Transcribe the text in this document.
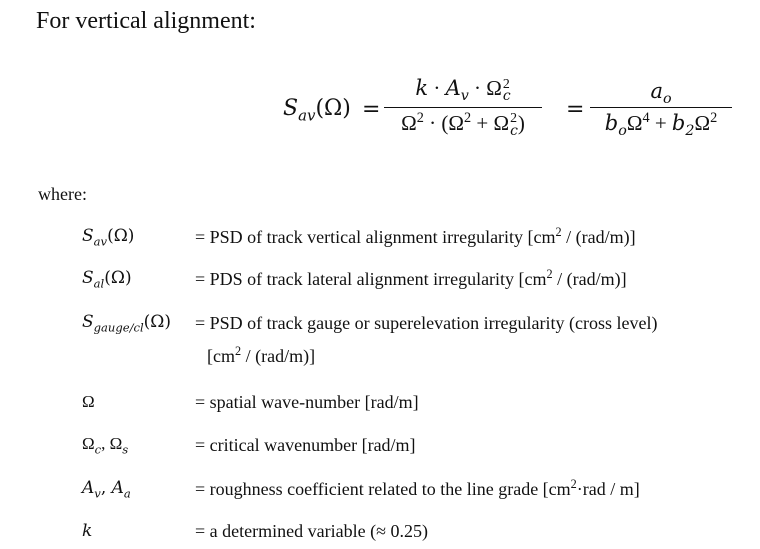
For vertical alignment:
$S_{av}(\Omega)$ =
$k \cdot A_v \cdot \Omega$ 2
c
$\Omega^2 \cdot (\Omega^2 + \Omega$ 2
c )
=
$a_o$
$b_o\Omega^4 + b_2\Omega^2$
where:
$S_{av}(\Omega)$	= PSD of track vertical alignment irregularity $[cm^2 / (rad/m)]$
$S_{al}(\Omega)$	= PDS of track lateral alignment irregularity $[cm^2 / (rad/m)]$
$S_{gauge/cl}(\Omega)$ = PSD of track gauge or superelevation irregularity (cross level)
$[cm^2 / (rad/m)]$
Ω	= spatial wave-number [rad/m]
$\Omega_c$, $\Omega_s$	= critical wavenumber [rad/m]
$A_v$, $A_a$	= roughness coefficient related to the line grade $[cm^2\cdot rad / m]$
k	= a determined variable (≈ 0.25)
